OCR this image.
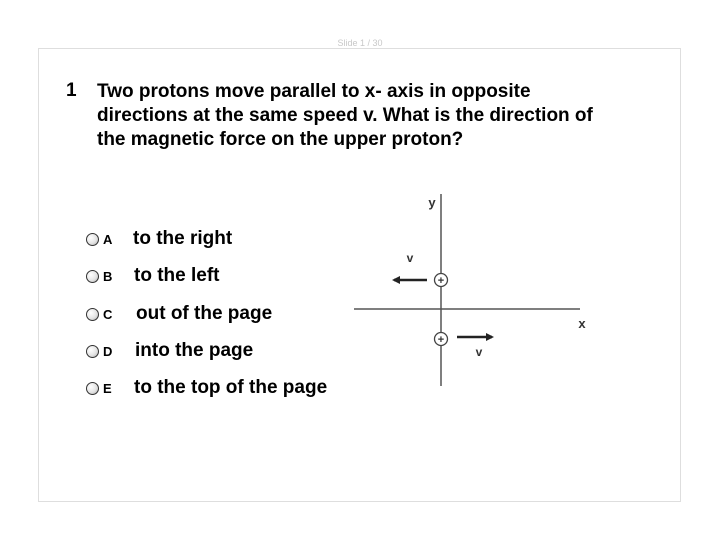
Slide 1 / 30
1 Two protons move parallel to x- axis in opposite directions at the same speed v. What is the direction of the magnetic force on the upper proton?
A to the right
B to the left
C out of the page
D into the page
E to the top of the page
y
x
+
v
+
v
